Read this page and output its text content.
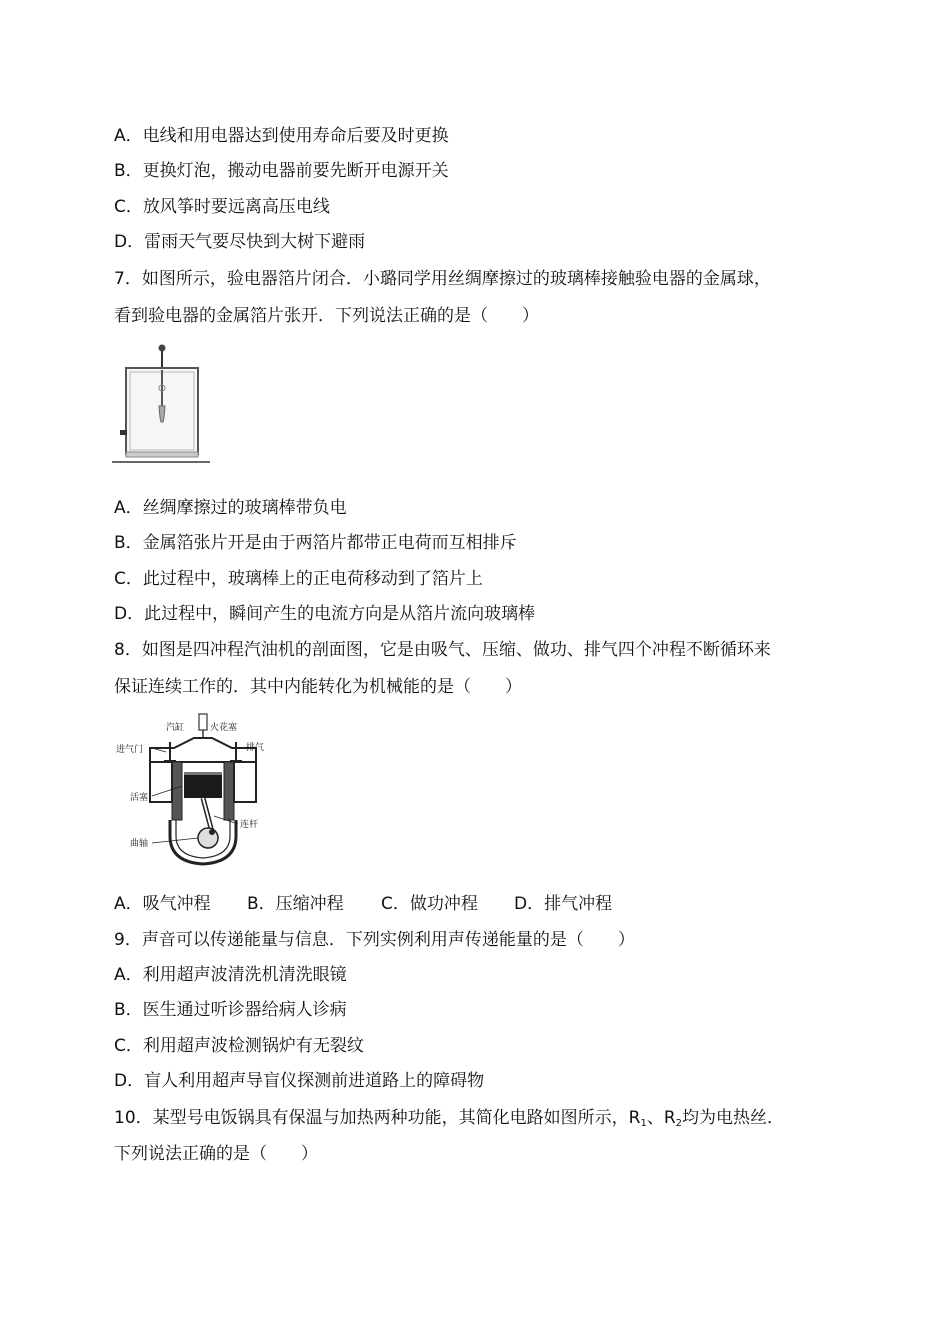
A．电线和用电器达到使用寿命后要及时更换
B．更换灯泡，搬动电器前要先断开电源开关
C．放风筝时要远离高压电线
D．雷雨天气要尽快到大树下避雨
7．如图所示，验电器箔片闭合．小璐同学用丝绸摩擦过的玻璃棒接触验电器的金属球，
看到验电器的金属箔片张开．下列说法正确的是（　　）
A．丝绸摩擦过的玻璃棒带负电
B．金属箔张片开是由于两箔片都带正电荷而互相排斥
C．此过程中，玻璃棒上的正电荷移动到了箔片上
D．此过程中，瞬间产生的电流方向是从箔片流向玻璃棒
8．如图是四冲程汽油机的剖面图，它是由吸气、压缩、做功、排气四个冲程不断循环来
保证连续工作的．其中内能转化为机械能的是（　　）
汽缸	火花塞
进气门	排气
活塞
连杆
曲轴
A．吸气冲程 B．压缩冲程 C．做功冲程 D．排气冲程
9．声音可以传递能量与信息．下列实例利用声传递能量的是（　　）
A．利用超声波清洗机清洗眼镜
B．医生通过听诊器给病人诊病
C．利用超声波检测锅炉有无裂纹
D．盲人利用超声导盲仪探测前进道路上的障碍物
10．某型号电饭锅具有保温与加热两种功能，其简化电路如图所示，R1、R2均为电热丝．
下列说法正确的是（　　）
